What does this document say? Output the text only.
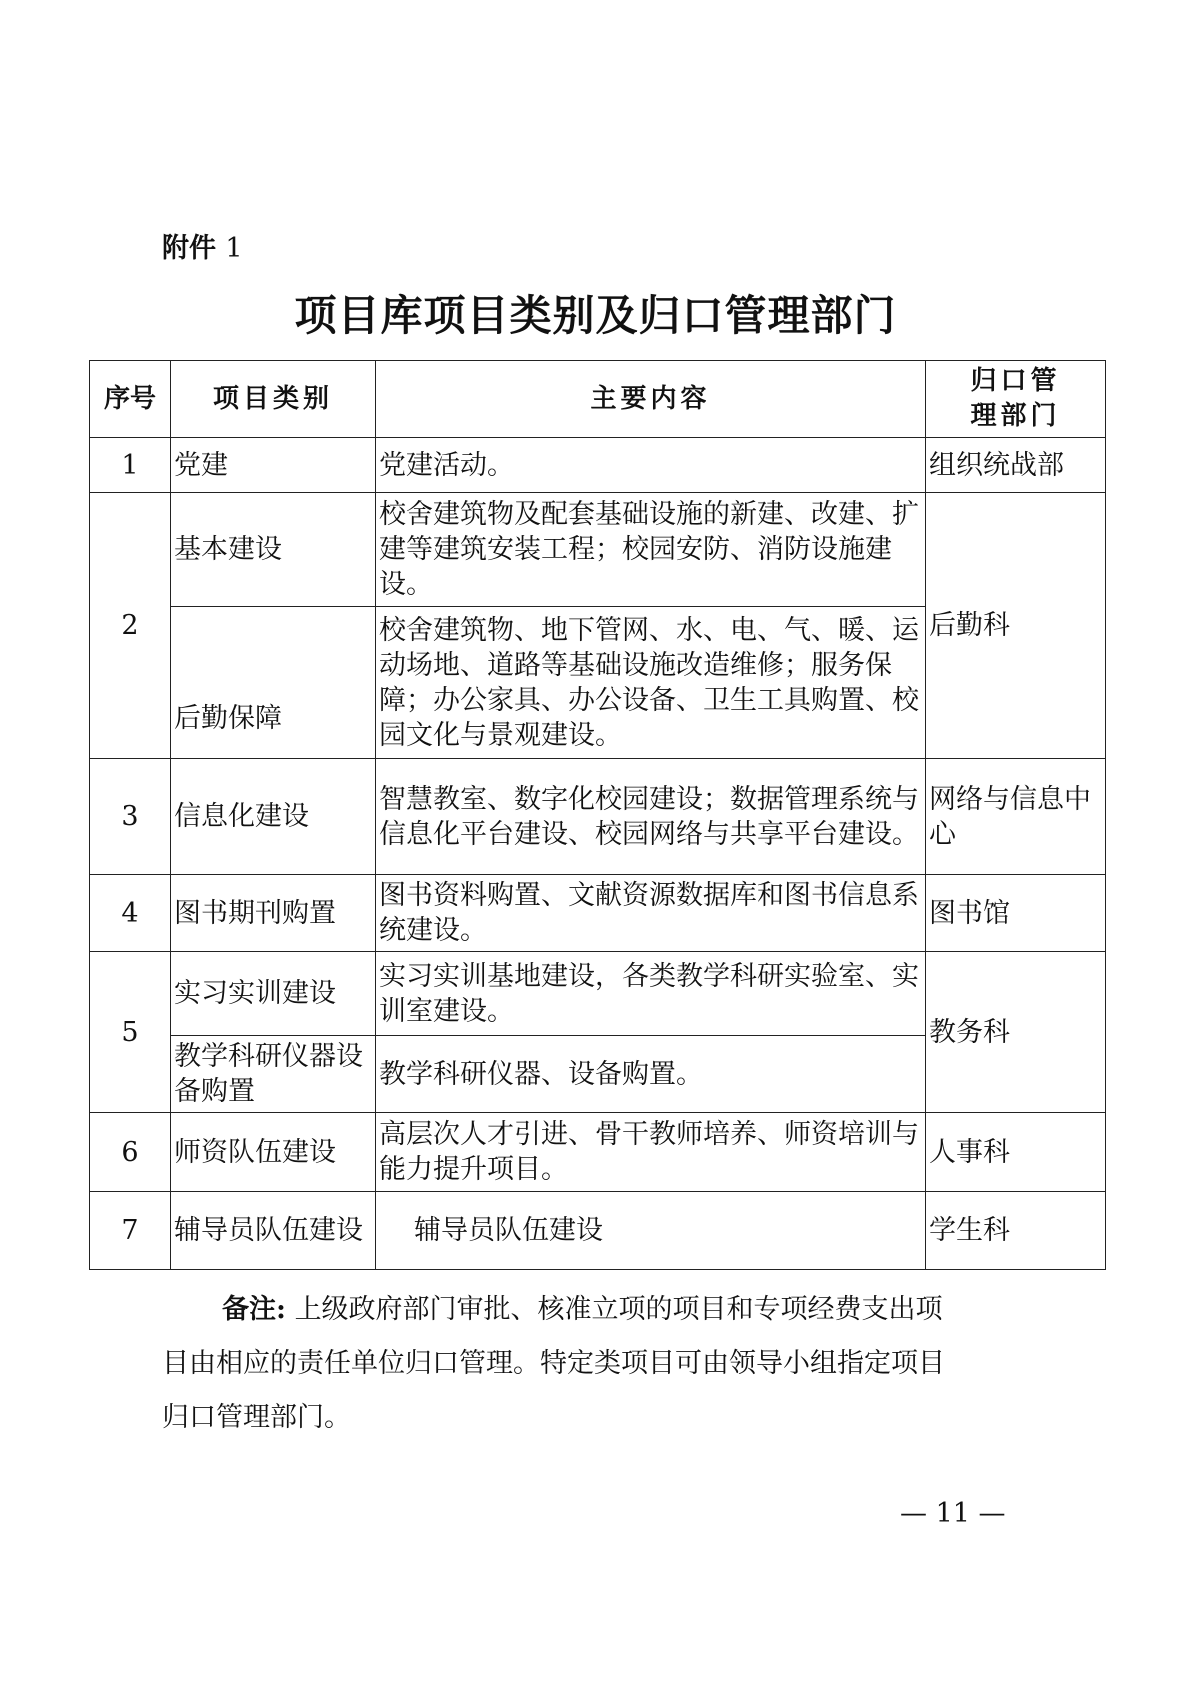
附件 1
项目库项目类别及归口管理部门
序号	项目类别	主要内容	归口管
理部门

1	党建	党建活动。	组织统战部
2	基本建设	校舍建筑物及配套基础设施的新建、改建、扩建等建筑安装工程；校园安防、消防设施建设。	后勤科
	后勤保障	校舍建筑物、地下管网、水、电、气、暖、运动场地、道路等基础设施改造维修；服务保障；办公家具、办公设备、卫生工具购置、校园文化与景观建设。	
3	信息化建设	智慧教室、数字化校园建设；数据管理系统与信息化平台建设、校园网络与共享平台建设。	网络与信息中心
4	图书期刊购置	图书资料购置、文献资源数据库和图书信息系统建设。	图书馆
5	实习实训建设	实习实训基地建设，各类教学科研实验室、实训室建设。	教务科
	教学科研仪器设备购置	教学科研仪器、设备购置。	
6	师资队伍建设	高层次人才引进、骨干教师培养、师资培训与能力提升项目。	人事科
7	辅导员队伍建设	辅导员队伍建设	学生科
备注: 上级政府部门审批、核准立项的项目和专项经费支出项
目由相应的责任单位归口管理。特定类项目可由领导小组指定项目
归口管理部门。
— 11 —
